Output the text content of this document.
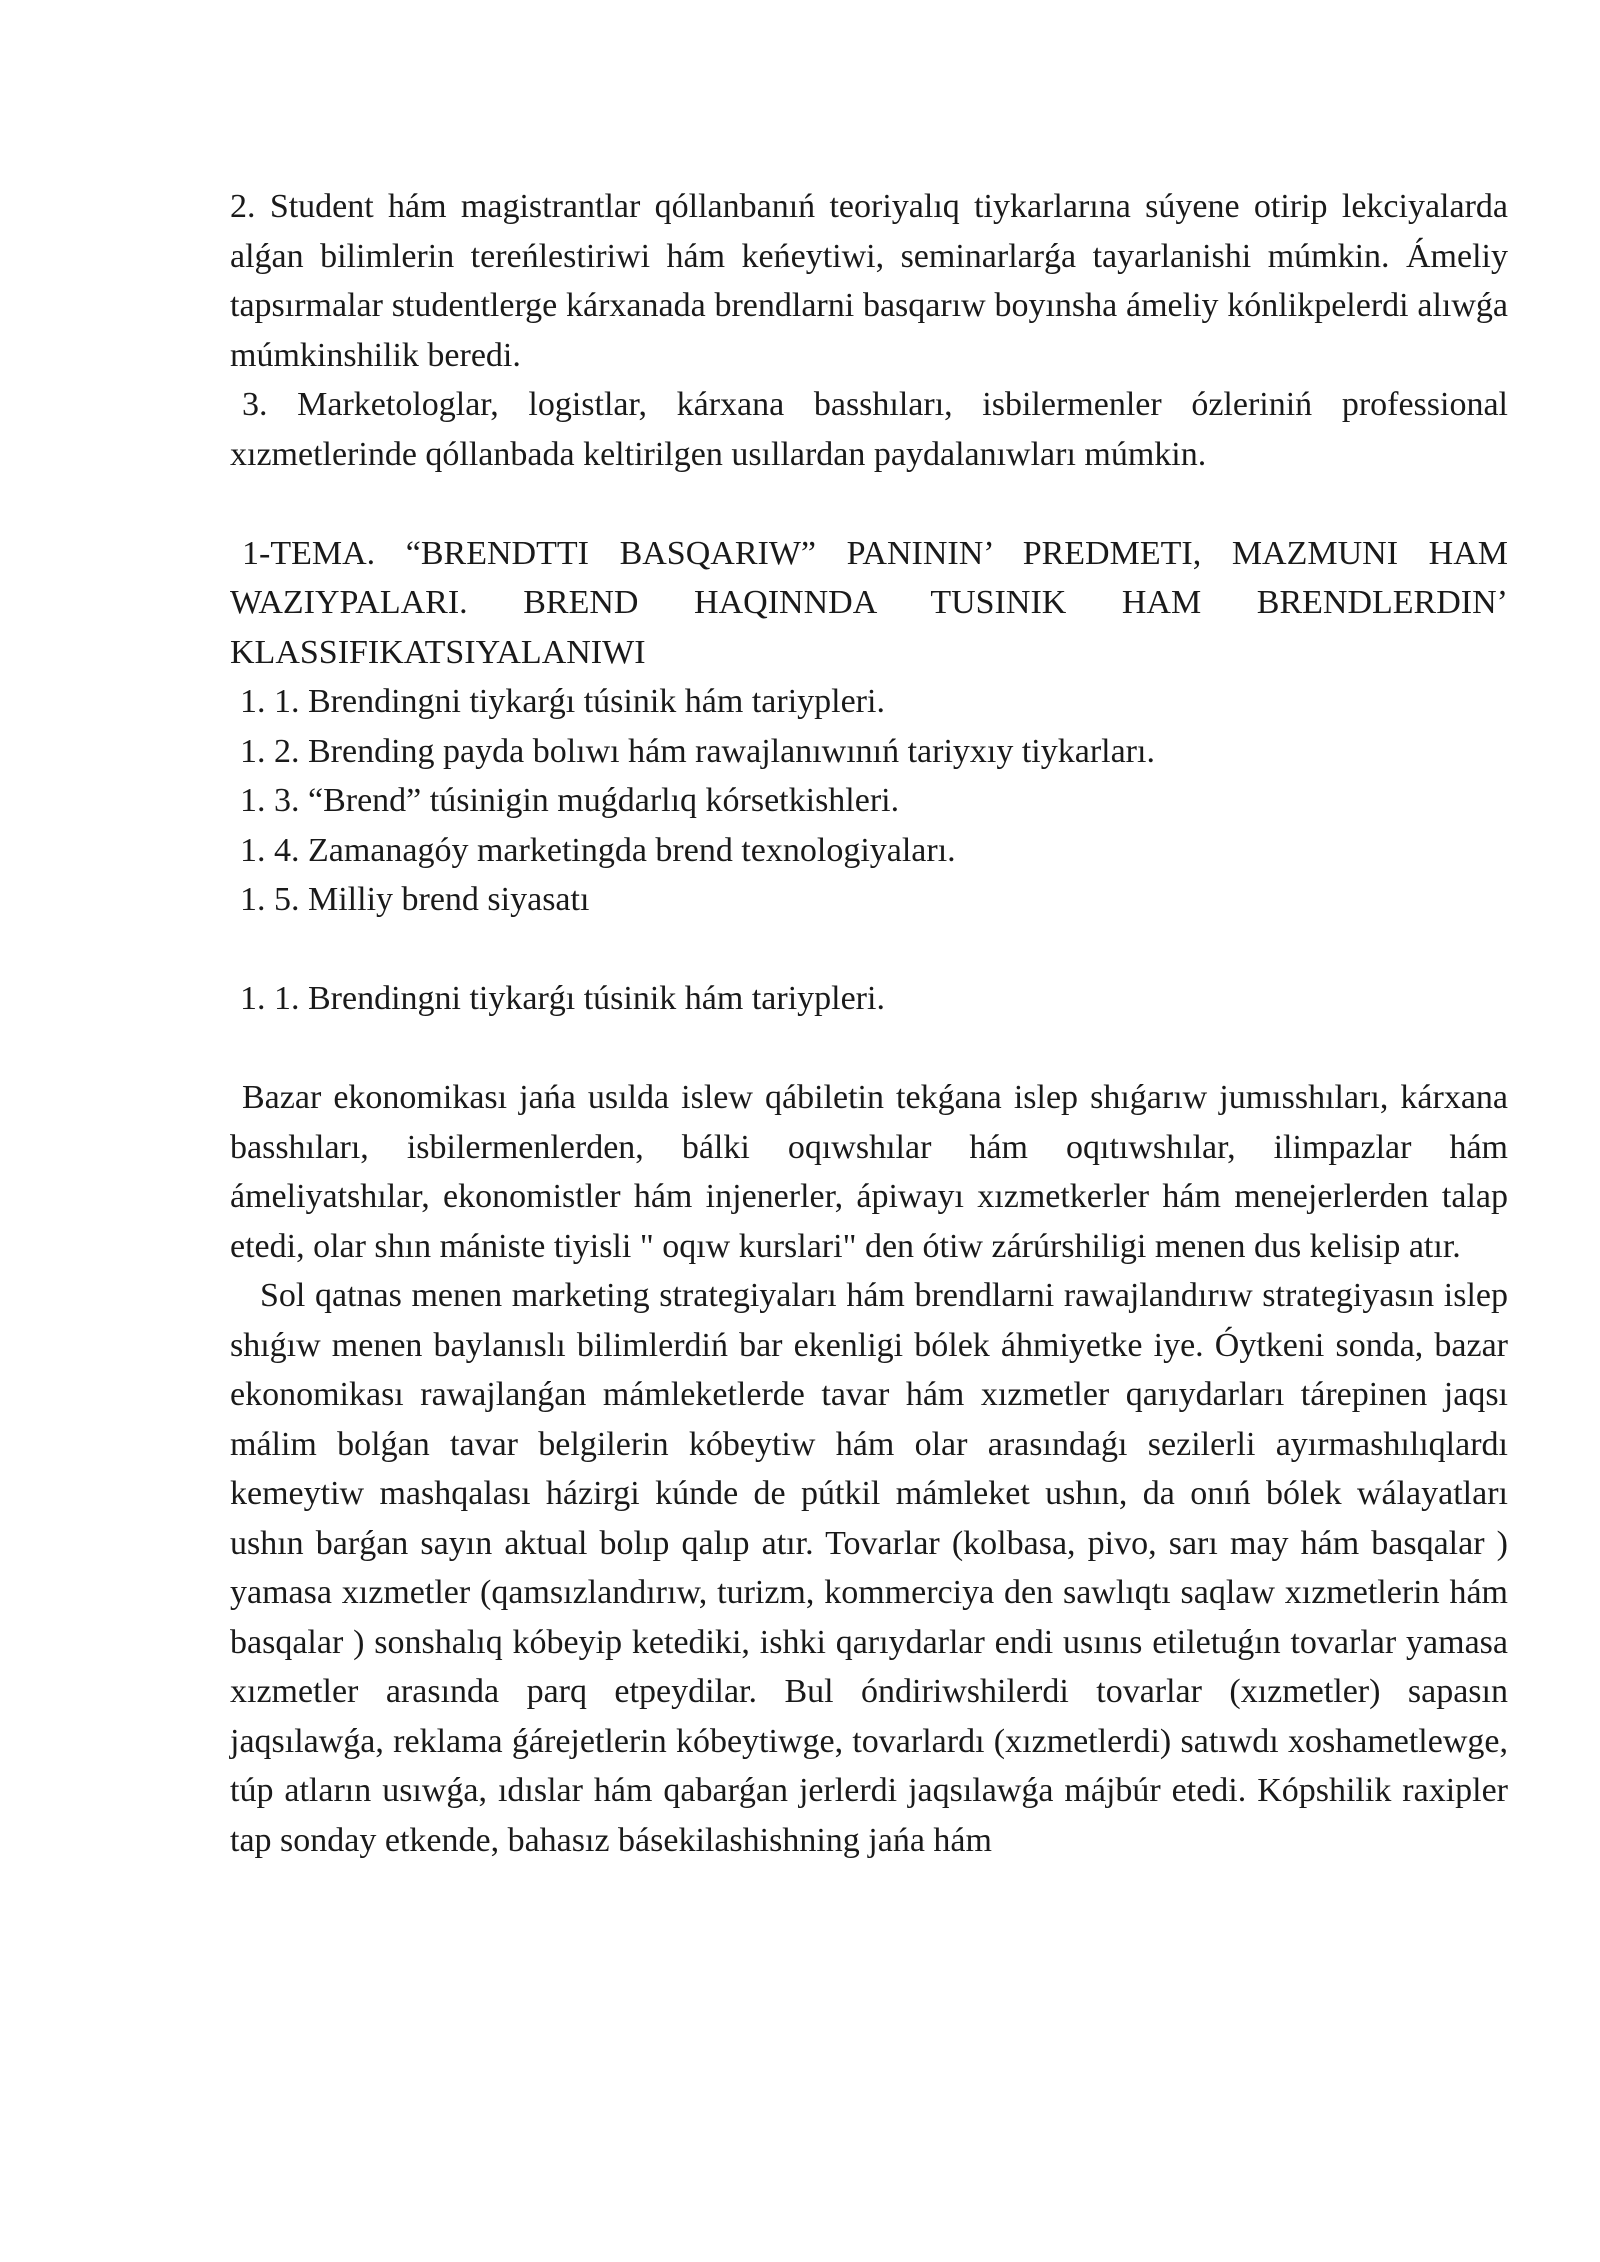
2. Student hám magistrantlar qóllanbanıń teoriyalıq tiykarlarına súyene otirip lekciyalarda alǵan bilimlerin tereńlestiriwi hám keńeytiwi, seminarlarǵa tayarlanishi múmkin. Ámeliy tapsırmalar studentlerge kárxanada brendlarni basqarıw boyınsha ámeliy kónlikpelerdi alıwǵa múmkinshilik beredi.

3. Marketologlar, logistlar, kárxana basshıları, isbilermenler ózleriniń professional xızmetlerinde qóllanbada keltirilgen usıllardan paydalanıwları múmkin.

1-TEMA. “BRENDTTI BASQARIW” PANININ’ PREDMETI, MAZMUNI HAM WAZIYPALARI. BREND HAQINNDA TUSINIK HAM BRENDLERDIN’ KLASSIFIKATSIYALANIWI

1. 1. Brendingni tiykarǵı túsinik hám tariypleri.

1. 2. Brending payda bolıwı hám rawajlanıwınıń tariyxıy tiykarları.

1. 3. “Brend” túsinigin muǵdarlıq kórsetkishleri.

1. 4. Zamanagóy marketingda brend texnologiyaları.

1. 5. Milliy brend siyasatı

1. 1. Brendingni tiykarǵı túsinik hám tariypleri.

Bazar ekonomikası jańa usılda islew qábiletin tekǵana islep shıǵarıw jumısshıları, kárxana basshıları, isbilermenlerden, bálki oqıwshılar hám oqıtıwshılar, ilimpazlar hám ámeliyatshılar, ekonomistler hám injenerler, ápiwayı xızmetkerler hám menejerlerden talap etedi, olar shın mániste tiyisli " oqıw kurslari" den ótiw zárúrshiligi menen dus kelisip atır.

Sol qatnas menen marketing strategiyaları hám brendlarni rawajlandırıw strategiyasın islep shıǵıw menen baylanıslı bilimlerdiń bar ekenligi bólek áhmiyetke iye. Óytkeni sonda, bazar ekonomikası rawajlanǵan mámleketlerde tavar hám xızmetler qarıydarları tárepinen jaqsı málim bolǵan tavar belgilerin kóbeytiw hám olar arasındaǵı sezilerli ayırmashılıqlardı kemeytiw mashqalası házirgi kúnde de pútkil mámleket ushın, da onıń bólek wálayatları ushın barǵan sayın aktual bolıp qalıp atır. Tovarlar (kolbasa, pivo, sarı may hám basqalar ) yamasa xızmetler (qamsızlandırıw, turizm, kommerciya den sawlıqtı saqlaw xızmetlerin hám basqalar ) sonshalıq kóbeyip ketediki, ishki qarıydarlar endi usınıs etiletuǵın tovarlar yamasa xızmetler arasında parq etpeydilar. Bul óndiriwshilerdi tovarlar (xızmetler) sapasın jaqsılawǵa, reklama ǵárejetlerin kóbeytiwge, tovarlardı (xızmetlerdi) satıwdı xoshametlewge, túp atların usıwǵa, ıdıslar hám qabarǵan jerlerdi jaqsılawǵa májbúr etedi. Kópshilik raxipler tap sonday etkende, bahasız básekilashishning jańa hám
